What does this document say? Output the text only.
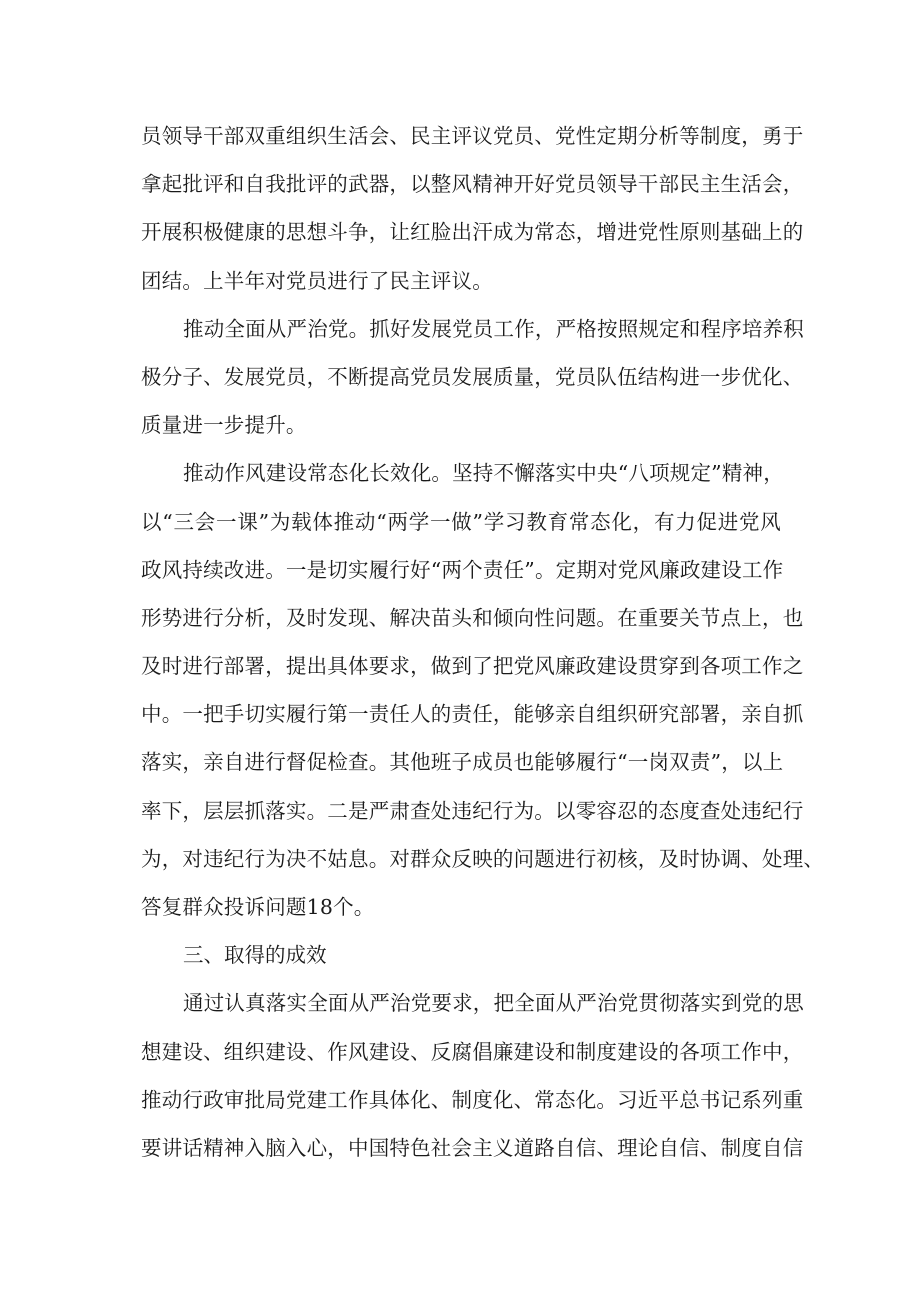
员领导干部双重组织生活会、民主评议党员、党性定期分析等制度，勇于
拿起批评和自我批评的武器，以整风精神开好党员领导干部民主生活会，
开展积极健康的思想斗争，让红脸出汗成为常态，增进党性原则基础上的
团结。上半年对党员进行了民主评议。
推动全面从严治党。抓好发展党员工作，严格按照规定和程序培养积
极分子、发展党员，不断提高党员发展质量，党员队伍结构进一步优化、
质量进一步提升。
推动作风建设常态化长效化。坚持不懈落实中央“八项规定”精神，
以“三会一课”为载体推动“两学一做”学习教育常态化，有力促进党风
政风持续改进。一是切实履行好“两个责任”。定期对党风廉政建设工作
形势进行分析，及时发现、解决苗头和倾向性问题。在重要关节点上，也
及时进行部署，提出具体要求，做到了把党风廉政建设贯穿到各项工作之
中。一把手切实履行第一责任人的责任，能够亲自组织研究部署，亲自抓
落实，亲自进行督促检查。其他班子成员也能够履行“一岗双责”，以上
率下，层层抓落实。二是严肃查处违纪行为。以零容忍的态度查处违纪行
为，对违纪行为决不姑息。对群众反映的问题进行初核，及时协调、处理、
答复群众投诉问题18个。
三、取得的成效
通过认真落实全面从严治党要求，把全面从严治党贯彻落实到党的思
想建设、组织建设、作风建设、反腐倡廉建设和制度建设的各项工作中，
推动行政审批局党建工作具体化、制度化、常态化。习近平总书记系列重
要讲话精神入脑入心，中国特色社会主义道路自信、理论自信、制度自信
